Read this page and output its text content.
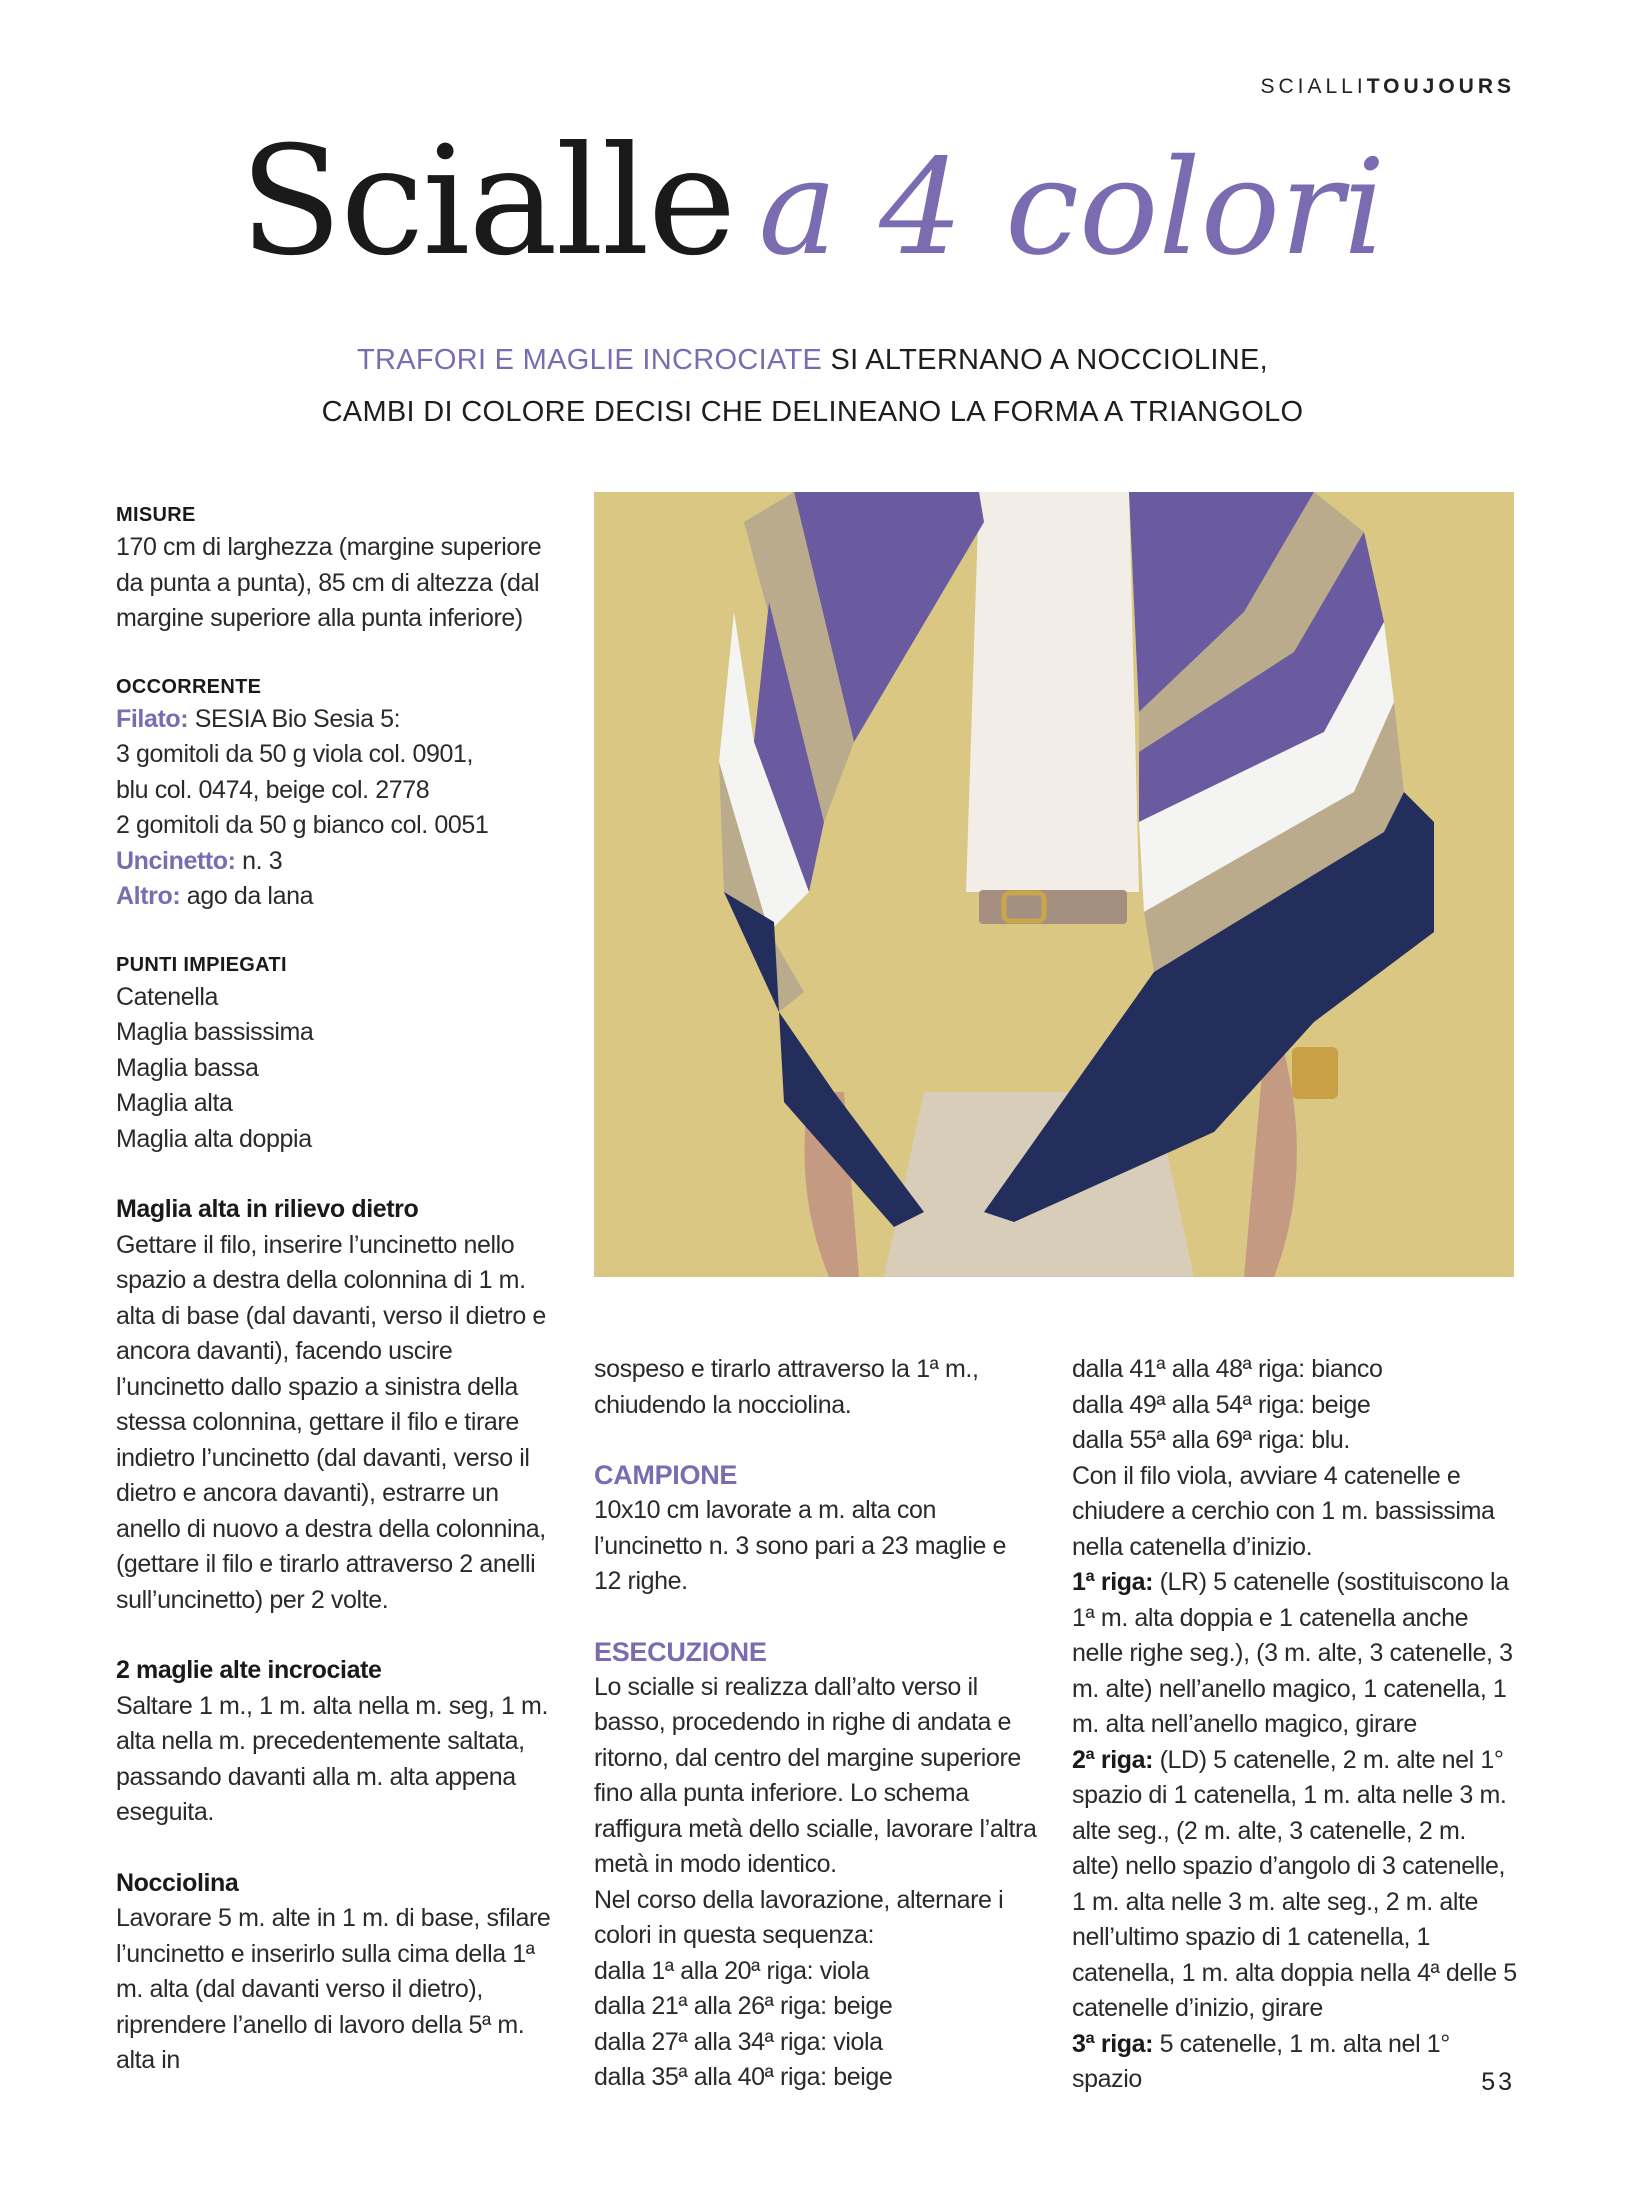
SCIALLITOUJOURS
Scialle a 4 colori
TRAFORI E MAGLIE INCROCIATE SI ALTERNANO A NOCCIOLINE,
CAMBI DI COLORE DECISI CHE DELINEANO LA FORMA A TRIANGOLO

MISURE

170 cm di larghezza (margine superiore da punta a punta), 85 cm di altezza (dal margine superiore alla punta inferiore)

OCCORRENTE

Filato: SESIA Bio Sesia 5:

3 gomitoli da 50 g viola col. 0901,

blu col. 0474, beige col. 2778

2 gomitoli da 50 g bianco col. 0051

Uncinetto: n. 3

Altro: ago da lana

PUNTI IMPIEGATI

Catenella

Maglia bassissima

Maglia bassa

Maglia alta

Maglia alta doppia

Maglia alta in rilievo dietro

Gettare il filo, inserire l’uncinetto nello spazio a destra della colonnina di 1 m. alta di base (dal davanti, verso il dietro e ancora davanti), facendo uscire l’uncinetto dallo spazio a sinistra della stessa colonnina, gettare il filo e tirare indietro l’uncinetto (dal davanti, verso il dietro e ancora davanti), estrarre un anello di nuovo a destra della colonnina, (gettare il filo e tirarlo attraverso 2 anelli sull’uncinetto) per 2 volte.

2 maglie alte incrociate

Saltare 1 m., 1 m. alta nella m. seg, 1 m. alta nella m. precedentemente saltata, passando davanti alla m. alta appena eseguita.

Nocciolina

Lavorare 5 m. alte in 1 m. di base, sfilare l’uncinetto e inserirlo sulla cima della 1ª m. alta (dal davanti verso il dietro), riprendere l’anello di lavoro della 5ª m. alta in

sospeso e tirarlo attraverso la 1ª m., chiudendo la nocciolina.

CAMPIONE

10x10 cm lavorate a m. alta con l’uncinetto n. 3 sono pari a 23 maglie e 12 righe.

ESECUZIONE

Lo scialle si realizza dall’alto verso il basso, procedendo in righe di andata e ritorno, dal centro del margine superiore fino alla punta inferiore. Lo schema raffigura metà dello scialle, lavorare l’altra metà in modo identico.

Nel corso della lavorazione, alternare i colori in questa sequenza:

dalla 1ª alla 20ª riga: viola

dalla 21ª alla 26ª riga: beige

dalla 27ª alla 34ª riga: viola

dalla 35ª alla 40ª riga: beige

dalla 41ª alla 48ª riga: bianco

dalla 49ª alla 54ª riga: beige

dalla 55ª alla 69ª riga: blu.

Con il filo viola, avviare 4 catenelle e chiudere a cerchio con 1 m. bassissima nella catenella d’inizio.

1ª riga: (LR) 5 catenelle (sostituiscono la 1ª m. alta doppia e 1 catenella anche nelle righe seg.), (3 m. alte, 3 catenelle, 3 m. alte) nell’anello magico, 1 catenella, 1 m. alta nell’anello magico, girare

2ª riga: (LD) 5 catenelle, 2 m. alte nel 1° spazio di 1 catenella, 1 m. alta nelle 3 m. alte seg., (2 m. alte, 3 catenelle, 2 m. alte) nello spazio d’angolo di 3 catenelle, 1 m. alta nelle 3 m. alte seg., 2 m. alte nell’ultimo spazio di 1 catenella, 1 catenella, 1 m. alta doppia nella 4ª delle 5 catenelle d’inizio, girare

3ª riga: 5 catenelle, 1 m. alta nel 1° spazio	53
